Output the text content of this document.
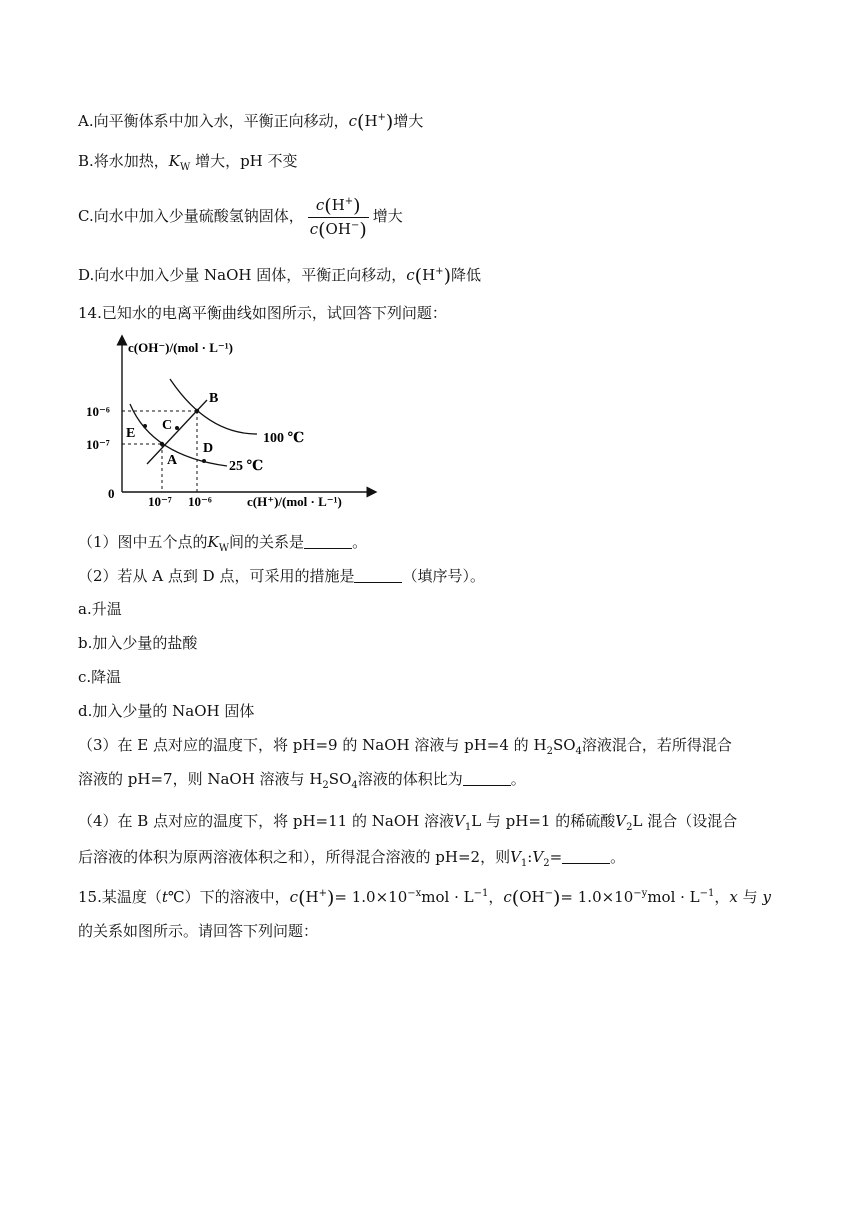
A.向平衡体系中加入水，平衡正向移动，c(H+)增大
B.将水加热，$K_W$ 增大，pH 不变
C.向水中加入少量硫酸氢钠固体， $\frac{c(H^+)}{c(OH^-)}$ 增大
D.向水中加入少量 NaOH 固体，平衡正向移动，c(H+)降低
14.已知水的电离平衡曲线如图所示，试回答下列问题：
B
C
A
D
E	100 ℃
25 ℃
10⁻⁶
10⁻⁷
10⁻⁷ 10⁻⁶
0
c(OH⁻)/(mol · L⁻¹)
c(H⁺)/(mol · L⁻¹)
（1）图中五个点的$K_W$间的关系是	。
（2）若从 A 点到 D 点，可采用的措施是	（填序号）。
a.升温
b.加入少量的盐酸
c.降温
d.加入少量的 NaOH 固体
（3）在 E 点对应的温度下，将 pH=9 的 NaOH 溶液与 pH=4 的 $H_2SO_4$溶液混合，若所得混合
溶液的 pH=7，则 NaOH 溶液与 $H_2SO_4$溶液的体积比为	。
（4）在 B 点对应的温度下，将 pH=11 的 NaOH 溶液$V_1L$ 与 pH=1 的稀硫酸$V_2L$ 混合（设混合
后溶液的体积为原两溶液体积之和），所得混合溶液的 pH=2，则$V_1:V_2=$	。
15.某温度（t℃）下的溶液中，$c(H^+)= 1.0\times 10^{-x}mol \cdot L^{-1}$，$c(OH^-)= 1.0\times 10^{-y}mol \cdot L^{-1}$，x 与 y
的关系如图所示。请回答下列问题：
